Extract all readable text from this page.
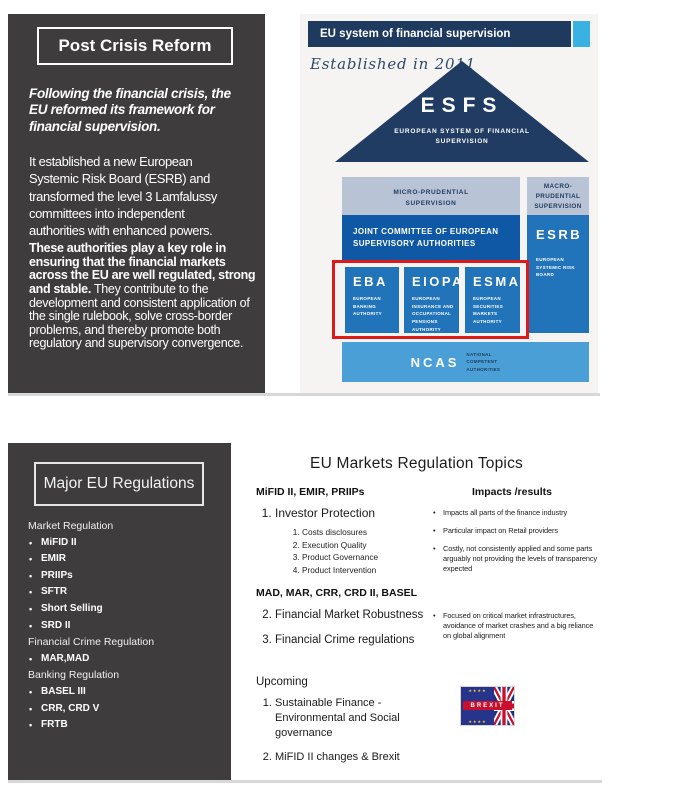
Post Crisis Reform
Following the financial crisis, the
EU reformed its framework for
financial supervision.
It established a new European
Systemic Risk Board (ESRB) and
transformed the level 3 Lamfalussy
committees into independent
authorities with enhanced powers.
These authorities play a key role in ensuring that the financial markets across the EU are well regulated, strong and stable. They contribute to the development and consistent application of the single rulebook, solve cross-border problems, and thereby promote both regulatory and supervisory convergence.
EU system of financial supervision
Established in 2011
ESFS
EUROPEAN SYSTEM OF FINANCIAL SUPERVISION
MICRO-PRUDENTIAL SUPERVISION
MACRO-PRUDENTIAL SUPERVISION
JOINT COMMITTEE OF EUROPEAN SUPERVISORY AUTHORITIES
EBA
EUROPEAN BANKING AUTHORITY
EIOPA
EUROPEAN INSURANCE AND OCCUPATIONAL PENSIONS AUTHORITY
ESMA
EUROPEAN SECURITIES MARKETS AUTHORITY
ESRB
EUROPEAN SYSTEMIC RISK BOARD
NCAS NATIONAL COMPETENT AUTHORITIES
Major EU Regulations
Market Regulation
• MiFID II
• EMIR
• PRIIPs
• SFTR
• Short Selling
• SRD II
Financial Crime Regulation
• MAR,MAD
Banking Regulation
• BASEL III
• CRR, CRD V
• FRTB
EU Markets Regulation Topics
MiFID II, EMIR, PRIIPs
1. Investor Protection
1. Costs disclosures
2. Execution Quality
3. Product Governance
4. Product Intervention
MAD, MAR, CRR, CRD II, BASEL
2. Financial Market Robustness
3. Financial Crime regulations
Upcoming
1. Sustainable Finance - Environmental and Social governance
2. MiFID II changes & Brexit
Impacts /results
• Impacts all parts of the finance industry
• Particular impact on Retail providers
• Costly, not consistently applied and some parts arguably not providing the levels of transparency expected
• Focused on critical market infrastructures, avoidance of market crashes and a big reliance on global alignment
★★★★ ★★★★
BREXIT
